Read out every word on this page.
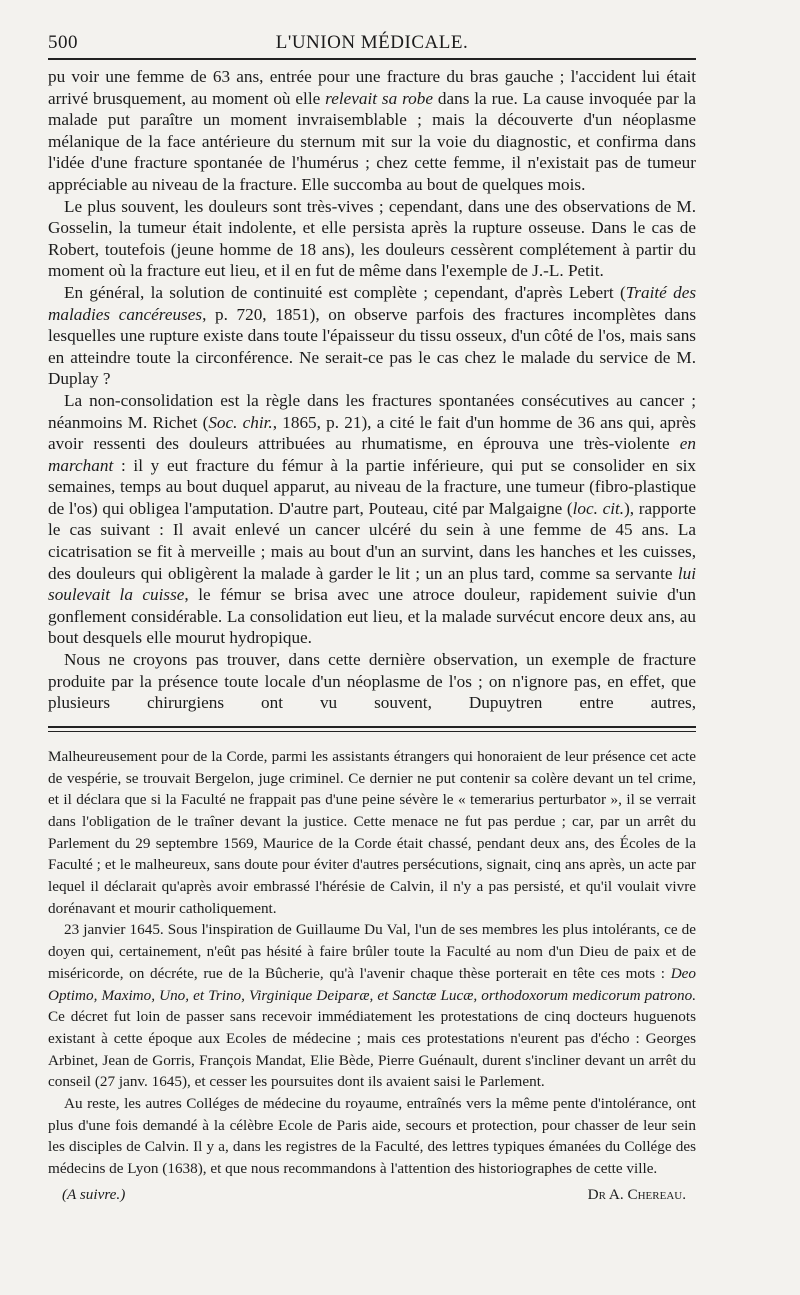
500	L'UNION MÉDICALE.

pu voir une femme de 63 ans, entrée pour une fracture du bras gauche ; l'accident lui était arrivé brusquement, au moment où elle relevait sa robe dans la rue. La cause invoquée par la malade put paraître un moment invraisemblable ; mais la découverte d'un néoplasme mélanique de la face antérieure du sternum mit sur la voie du diagnostic, et confirma dans l'idée d'une fracture spontanée de l'humérus ; chez cette femme, il n'existait pas de tumeur appréciable au niveau de la fracture. Elle succomba au bout de quelques mois.

Le plus souvent, les douleurs sont très-vives ; cependant, dans une des observations de M. Gosselin, la tumeur était indolente, et elle persista après la rupture osseuse. Dans le cas de Robert, toutefois (jeune homme de 18 ans), les douleurs cessèrent complétement à partir du moment où la fracture eut lieu, et il en fut de même dans l'exemple de J.-L. Petit.

En général, la solution de continuité est complète ; cependant, d'après Lebert (Traité des maladies cancéreuses, p. 720, 1851), on observe parfois des fractures incomplètes dans lesquelles une rupture existe dans toute l'épaisseur du tissu osseux, d'un côté de l'os, mais sans en atteindre toute la circonférence. Ne serait-ce pas le cas chez le malade du service de M. Duplay ?

La non-consolidation est la règle dans les fractures spontanées consécutives au cancer ; néanmoins M. Richet (Soc. chir., 1865, p. 21), a cité le fait d'un homme de 36 ans qui, après avoir ressenti des douleurs attribuées au rhumatisme, en éprouva une très-violente en marchant : il y eut fracture du fémur à la partie inférieure, qui put se consolider en six semaines, temps au bout duquel apparut, au niveau de la fracture, une tumeur (fibro-plastique de l'os) qui obligea l'amputation. D'autre part, Pouteau, cité par Malgaigne (loc. cit.), rapporte le cas suivant : Il avait enlevé un cancer ulcéré du sein à une femme de 45 ans. La cicatrisation se fit à merveille ; mais au bout d'un an survint, dans les hanches et les cuisses, des douleurs qui obligèrent la malade à garder le lit ; un an plus tard, comme sa servante lui soulevait la cuisse, le fémur se brisa avec une atroce douleur, rapidement suivie d'un gonflement considérable. La consolidation eut lieu, et la malade survécut encore deux ans, au bout desquels elle mourut hydropique.

Nous ne croyons pas trouver, dans cette dernière observation, un exemple de fracture produite par la présence toute locale d'un néoplasme de l'os ; on n'ignore pas, en effet, que plusieurs chirurgiens ont vu souvent, Dupuytren entre autres,

Malheureusement pour de la Corde, parmi les assistants étrangers qui honoraient de leur présence cet acte de vespérie, se trouvait Bergelon, juge criminel. Ce dernier ne put contenir sa colère devant un tel crime, et il déclara que si la Faculté ne frappait pas d'une peine sévère le « temerarius perturbator », il se verrait dans l'obligation de le traîner devant la justice. Cette menace ne fut pas perdue ; car, par un arrêt du Parlement du 29 septembre 1569, Maurice de la Corde était chassé, pendant deux ans, des Écoles de la Faculté ; et le malheureux, sans doute pour éviter d'autres persécutions, signait, cinq ans après, un acte par lequel il déclarait qu'après avoir embrassé l'hérésie de Calvin, il n'y a pas persisté, et qu'il voulait vivre dorénavant et mourir catholiquement.

23 janvier 1645. Sous l'inspiration de Guillaume Du Val, l'un de ses membres les plus intolérants, ce de doyen qui, certainement, n'eût pas hésité à faire brûler toute la Faculté au nom d'un Dieu de paix et de miséricorde, on décréte, rue de la Bûcherie, qu'à l'avenir chaque thèse porterait en tête ces mots : Deo Optimo, Maximo, Uno, et Trino, Virginique Deiparæ, et Sanctæ Lucæ, orthodoxorum medicorum patrono. Ce décret fut loin de passer sans recevoir immédiatement les protestations de cinq docteurs huguenots existant à cette époque aux Ecoles de médecine ; mais ces protestations n'eurent pas d'écho : Georges Arbinet, Jean de Gorris, François Mandat, Elie Bède, Pierre Guénault, durent s'incliner devant un arrêt du conseil (27 janv. 1645), et cesser les poursuites dont ils avaient saisi le Parlement.

Au reste, les autres Colléges de médecine du royaume, entraînés vers la même pente d'intolérance, ont plus d'une fois demandé à la célèbre Ecole de Paris aide, secours et protection, pour chasser de leur sein les disciples de Calvin. Il y a, dans les registres de la Faculté, des lettres typiques émanées du Collége des médecins de Lyon (1638), et que nous recommandons à l'attention des historiographes de cette ville.

(A suivre.)	Dr A. Chereau.
